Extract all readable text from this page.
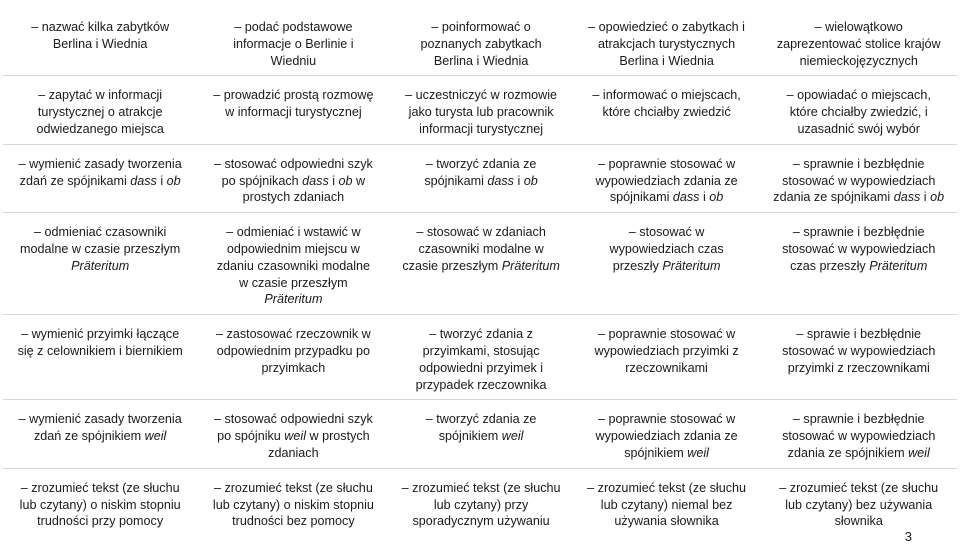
– nazwać kilka zabytków
Berlina i Wiednia	– podać podstawowe
informacje o Berlinie i
Wiedniu	– poinformować o
poznanych zabytkach
Berlina i Wiednia	– opowiedzieć o zabytkach i
atrakcjach turystycznych
Berlina i Wiednia	– wielowątkowo
zaprezentować stolice krajów
niemieckojęzycznych

– zapytać w informacji
turystycznej o atrakcje
odwiedzanego miejsca	– prowadzić prostą rozmowę
w informacji turystycznej	– uczestniczyć w rozmowie
jako turysta lub pracownik
informacji turystycznej	– informować o miejscach,
które chciałby zwiedzić	– opowiadać o miejscach,
które chciałby zwiedzić, i
uzasadnić swój wybór

– wymienić zasady tworzenia
zdań ze spójnikami dass i ob	– stosować odpowiedni szyk
po spójnikach dass i ob w
prostych zdaniach	– tworzyć zdania ze
spójnikami dass i ob	– poprawnie stosować w
wypowiedziach zdania ze
spójnikami dass i ob	– sprawnie i bezbłędnie
stosować w wypowiedziach
zdania ze spójnikami dass i ob

– odmieniać czasowniki
modalne w czasie przeszłym
Präteritum	– odmieniać i wstawić w
odpowiednim miejscu w
zdaniu czasowniki modalne
w czasie przeszłym
Präteritum	– stosować w zdaniach
czasowniki modalne w
czasie przeszłym Präteritum	– stosować w
wypowiedziach czas
przeszły Präteritum	– sprawnie i bezbłędnie
stosować w wypowiedziach
czas przeszły Präteritum

– wymienić przyimki łączące
się z celownikiem i biernikiem	– zastosować rzeczownik w
odpowiednim przypadku po
przyimkach	– tworzyć zdania z
przyimkami, stosując
odpowiedni przyimek i
przypadek rzeczownika	– poprawnie stosować w
wypowiedziach przyimki z
rzeczownikami	– sprawie i bezbłędnie
stosować w wypowiedziach
przyimki z rzeczownikami

– wymienić zasady tworzenia
zdań ze spójnikiem weil	– stosować odpowiedni szyk
po spójniku weil w prostych
zdaniach	– tworzyć zdania ze
spójnikiem weil	– poprawnie stosować w
wypowiedziach zdania ze
spójnikiem weil	– sprawnie i bezbłędnie
stosować w wypowiedziach
zdania ze spójnikiem weil

– zrozumieć tekst (ze słuchu
lub czytany) o niskim stopniu
trudności przy pomocy	– zrozumieć tekst (ze słuchu
lub czytany) o niskim stopniu
trudności bez pomocy	– zrozumieć tekst (ze słuchu
lub czytany) przy
sporadycznym używaniu	– zrozumieć tekst (ze słuchu
lub czytany) niemal bez
używania słownika	– zrozumieć tekst (ze słuchu
lub czytany) bez używania
słownika
3
